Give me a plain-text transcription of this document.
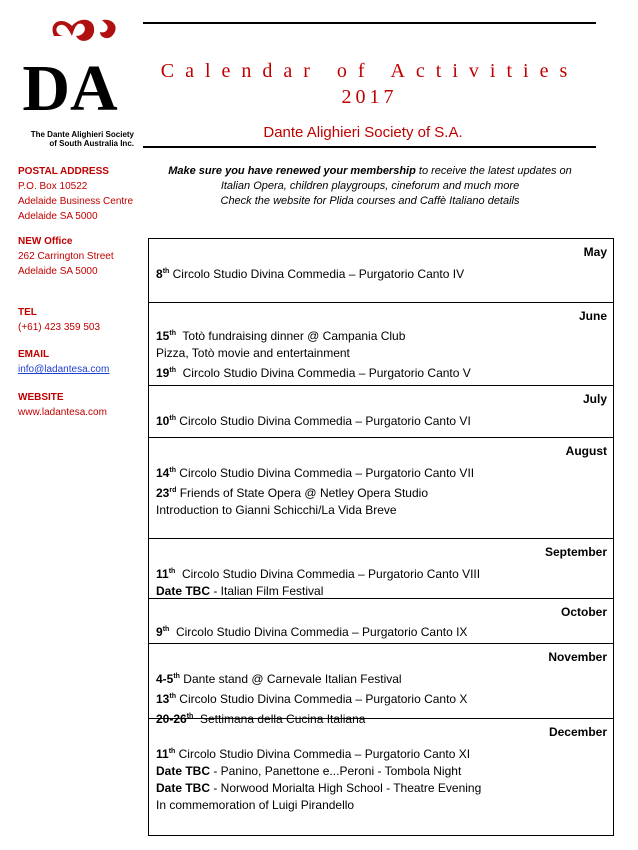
DA
The Dante Alighieri Society
of South Australia Inc.
POSTAL ADDRESS
P.O. Box 10522
Adelaide Business Centre
Adelaide SA 5000
NEW Office
262 Carrington Street
Adelaide SA 5000
TEL
(+61) 423 359 503
EMAIL
info@ladantesa.com
WEBSITE
www.ladantesa.com
Calendar of Activities
2017
Dante Alighieri Society of S.A.
Make sure you have renewed your membership to receive the latest updates on
Italian Opera, children playgroups, cineforum and much more
Check the website for Plida courses and Caffè Italiano details
May
8th Circolo Studio Divina Commedia – Purgatorio Canto IV
June
15th  Totò fundraising dinner @ Campania Club
Pizza, Totò movie and entertainment
19th  Circolo Studio Divina Commedia – Purgatorio Canto V
July
10th Circolo Studio Divina Commedia – Purgatorio Canto VI
August
14th Circolo Studio Divina Commedia – Purgatorio Canto VII
23rd Friends of State Opera @ Netley Opera Studio
Introduction to Gianni Schicchi/La Vida Breve
September
11th  Circolo Studio Divina Commedia – Purgatorio Canto VIII
Date TBC - Italian Film Festival
October
9th  Circolo Studio Divina Commedia – Purgatorio Canto IX
November
4-5th Dante stand @ Carnevale Italian Festival
13th Circolo Studio Divina Commedia – Purgatorio Canto X
20-26th  Settimana della Cucina Italiana
December
11th Circolo Studio Divina Commedia – Purgatorio Canto XI
Date TBC - Panino, Panettone e...Peroni - Tombola Night
Date TBC - Norwood Morialta High School - Theatre Evening
In commemoration of Luigi Pirandello
